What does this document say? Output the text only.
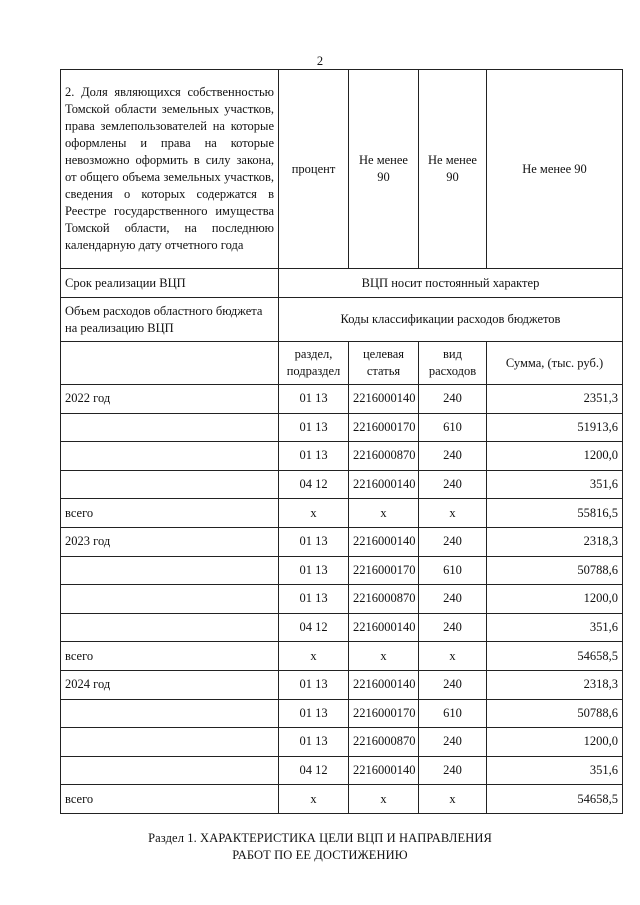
2
2. Доля являющихся собственностью Томской области земельных участков, права землепользователей на которые оформлены и права на которые невозможно оформить в силу закона, от общего объема земельных участков, сведения о которых содержатся в Реестре государственного имущества Томской области, на последнюю календарную дату отчетного года	процент	Не менее 90	Не менее 90	Не менее 90
Срок реализации ВЦП	ВЦП носит постоянный характер			
Объем расходов областного бюджета на реализацию ВЦП	Коды классификации расходов бюджетов			
	раздел, подраздел	целевая статья	вид расходов	Сумма, (тыс. руб.)
2022 год	01 13	2216000140	240	2351,3
	01 13	2216000170	610	51913,6
	01 13	2216000870	240	1200,0
	04 12	2216000140	240	351,6
всего	х	х	х	55816,5
2023 год	01 13	2216000140	240	2318,3
	01 13	2216000170	610	50788,6
	01 13	2216000870	240	1200,0
	04 12	2216000140	240	351,6
всего	х	х	х	54658,5
2024 год	01 13	2216000140	240	2318,3
	01 13	2216000170	610	50788,6
	01 13	2216000870	240	1200,0
	04 12	2216000140	240	351,6
всего	х	х	х	54658,5
Раздел 1. ХАРАКТЕРИСТИКА ЦЕЛИ ВЦП И НАПРАВЛЕНИЯ
РАБОТ ПО ЕЕ ДОСТИЖЕНИЮ
